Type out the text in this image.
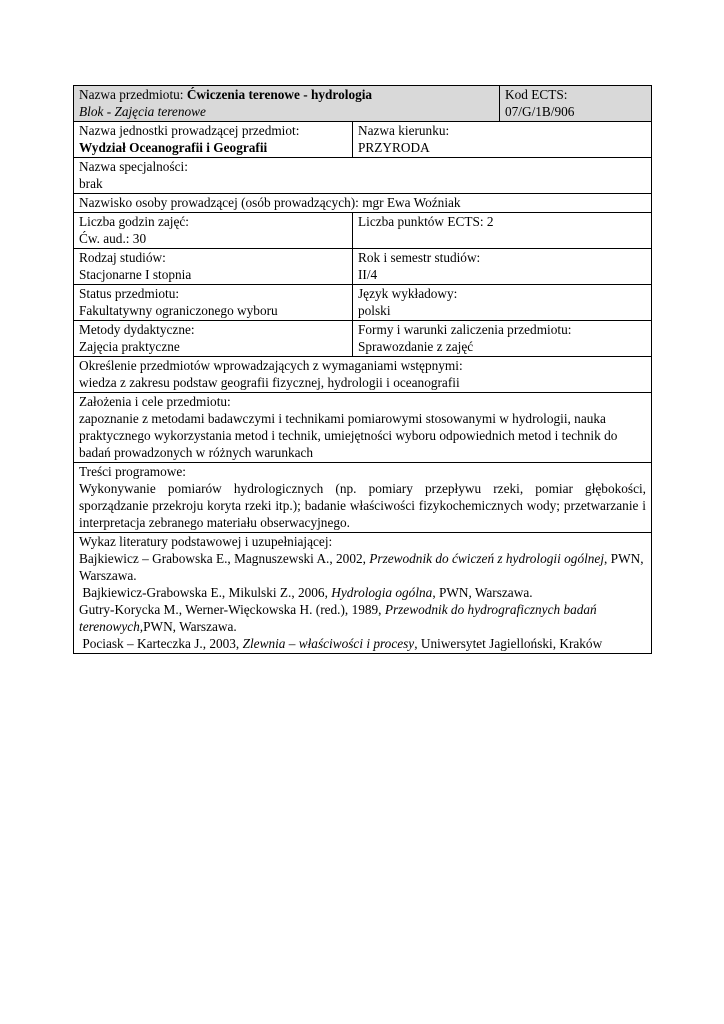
Nazwa przedmiotu: Ćwiczenia terenowe - hydrologia
Blok - Zajęcia terenowe		Kod ECTS:
07/G/1B/906

Nazwa jednostki prowadzącej przedmiot:
Wydział Oceanografii i Geografii	Nazwa kierunku:
PRZYRODA	

Nazwa specjalności:
brak		

Nazwisko osoby prowadzącej (osób prowadzących): mgr Ewa Woźniak		

Liczba godzin zajęć:
Ćw. aud.: 30	Liczba punktów ECTS: 2	

Rodzaj studiów:
Stacjonarne I stopnia	Rok i semestr studiów:
II/4	

Status przedmiotu:
Fakultatywny ograniczonego wyboru	Język wykładowy:
polski	

Metody dydaktyczne:
Zajęcia praktyczne	Formy i warunki zaliczenia przedmiotu:
Sprawozdanie z zajęć	

Określenie przedmiotów wprowadzających z wymaganiami wstępnymi:
wiedza z zakresu podstaw geografii fizycznej, hydrologii i oceanografii		

Założenia i cele przedmiotu:
zapoznanie z metodami badawczymi i technikami pomiarowymi stosowanymi w hydrologii, nauka praktycznego wykorzystania metod i technik, umiejętności wyboru odpowiednich metod i technik do badań prowadzonych w różnych warunkach		

Treści programowe:
Wykonywanie pomiarów hydrologicznych (np. pomiary przepływu rzeki, pomiar głębokości, sporządzanie przekroju koryta rzeki itp.); badanie właściwości fizykochemicznych wody; przetwarzanie i interpretacja zebranego materiału obserwacyjnego.		

Wykaz literatury podstawowej i uzupełniającej:
Bajkiewicz – Grabowska E., Magnuszewski A., 2002, Przewodnik do ćwiczeń z hydrologii ogólnej, PWN, Warszawa.
Bajkiewicz-Grabowska E., Mikulski Z., 2006, Hydrologia ogólna, PWN, Warszawa.
Gutry-Korycka M., Werner-Więckowska H. (red.), 1989, Przewodnik do hydrograficznych badań terenowych,PWN, Warszawa.
Pociask – Karteczka J., 2003, Zlewnia – właściwości i procesy, Uniwersytet Jagielloński, Kraków		
